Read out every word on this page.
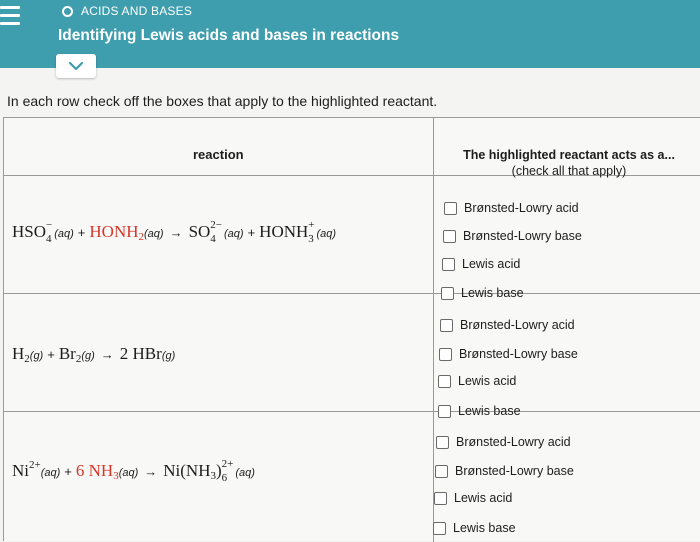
ACIDS AND BASES
Identifying Lewis acids and bases in reactions
In each row check off the boxes that apply to the highlighted reactant.
reaction	The highlighted reactant acts as a...
(check all that apply)
HSO −
4 $(aq) + HONH_2(aq)$ → SO 2−
4 (aq) + HONH +
3 (aq)
$H_2(g) + Br_2(g) \to 2$ HBr(g)
$Ni^{2+}(aq) + 6$ $NH_3(aq) \to Ni(NH_3)$ 2+
6 (aq)
Brønsted-Lowry acid
Brønsted-Lowry base
Lewis acid
Lewis base
Brønsted-Lowry acid
Brønsted-Lowry base
Lewis acid
Lewis base
Brønsted-Lowry acid
Brønsted-Lowry base
Lewis acid
Lewis base
